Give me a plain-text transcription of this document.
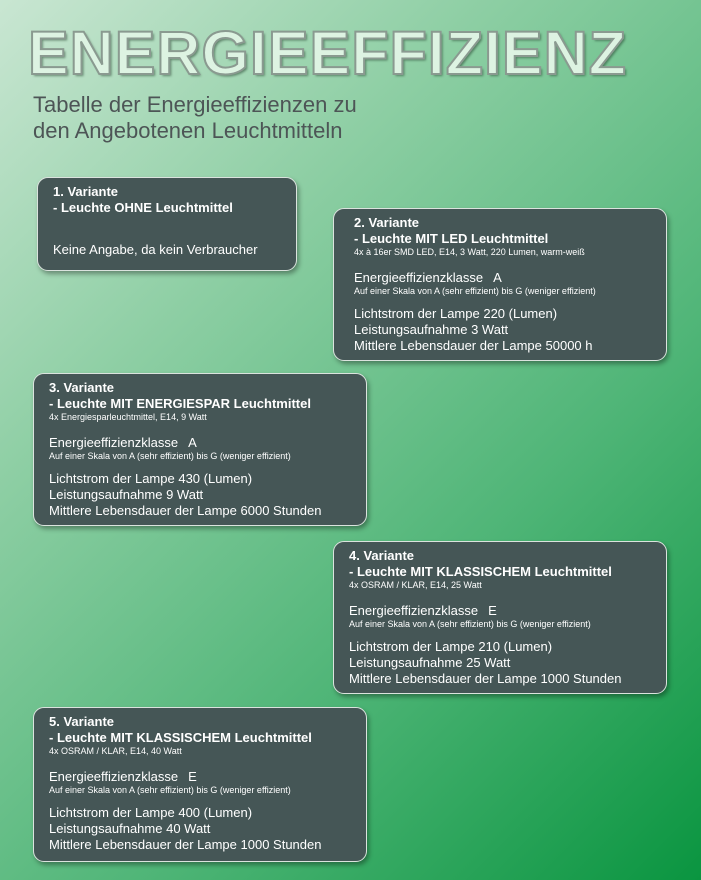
ENERGIEEFFIZIENZ
Tabelle der Energieeffizienzen zu
den Angebotenen Leuchtmitteln
1. Variante
- Leuchte OHNE Leuchtmittel
Keine Angabe, da kein Verbraucher
2. Variante
- Leuchte MIT LED Leuchtmittel
4x à 16er SMD LED, E14, 3 Watt, 220 Lumen, warm-weiß
Energieeffizienzklasse A
Auf einer Skala von A (sehr effizient) bis G (weniger effizient)
Lichtstrom der Lampe 220 (Lumen)
Leistungsaufnahme 3 Watt
Mittlere Lebensdauer der Lampe 50000 h
3. Variante
- Leuchte MIT ENERGIESPAR Leuchtmittel
4x Energiesparleuchtmittel, E14, 9 Watt
Energieeffizienzklasse A
Auf einer Skala von A (sehr effizient) bis G (weniger effizient)
Lichtstrom der Lampe 430 (Lumen)
Leistungsaufnahme 9 Watt
Mittlere Lebensdauer der Lampe 6000 Stunden
4. Variante
- Leuchte MIT KLASSISCHEM Leuchtmittel
4x OSRAM / KLAR, E14, 25 Watt
Energieeffizienzklasse E
Auf einer Skala von A (sehr effizient) bis G (weniger effizient)
Lichtstrom der Lampe 210 (Lumen)
Leistungsaufnahme 25 Watt
Mittlere Lebensdauer der Lampe 1000 Stunden
5. Variante
- Leuchte MIT KLASSISCHEM Leuchtmittel
4x OSRAM / KLAR, E14, 40 Watt
Energieeffizienzklasse E
Auf einer Skala von A (sehr effizient) bis G (weniger effizient)
Lichtstrom der Lampe 400 (Lumen)
Leistungsaufnahme 40 Watt
Mittlere Lebensdauer der Lampe 1000 Stunden
